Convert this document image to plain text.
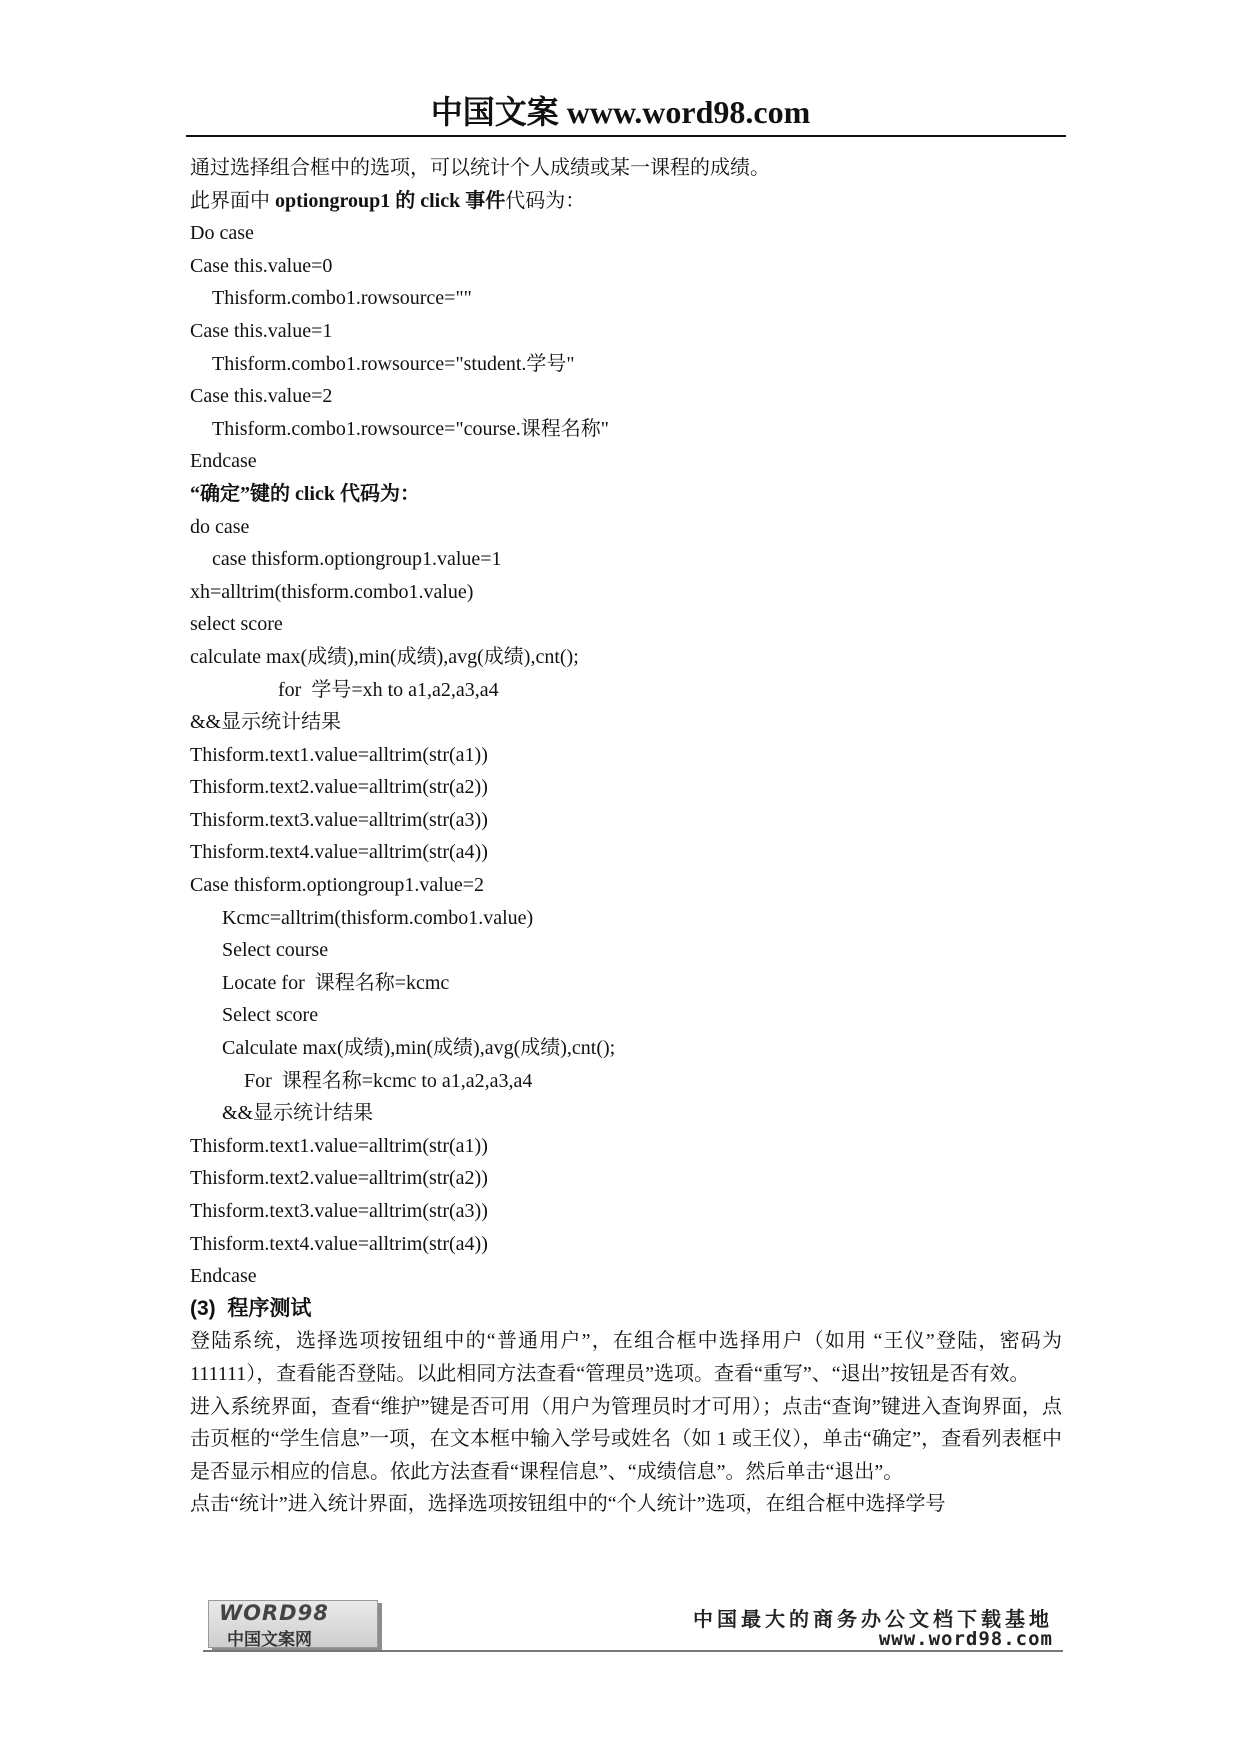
中国文案 www.word98.com
通过选择组合框中的选项，可以统计个人成绩或某一课程的成绩。
此界面中 optiongroup1 的 click 事件代码为：
Do case
Case this.value=0
Thisform.combo1.rowsource=""
Case this.value=1
Thisform.combo1.rowsource="student.学号"
Case this.value=2
Thisform.combo1.rowsource="course.课程名称"
Endcase
“确定”键的 click 代码为：
do case
case thisform.optiongroup1.value=1
xh=alltrim(thisform.combo1.value)
select score
calculate max(成绩),min(成绩),avg(成绩),cnt();
for  学号=xh to a1,a2,a3,a4
&&显示统计结果
Thisform.text1.value=alltrim(str(a1))
Thisform.text2.value=alltrim(str(a2))
Thisform.text3.value=alltrim(str(a3))
Thisform.text4.value=alltrim(str(a4))
Case thisform.optiongroup1.value=2
Kcmc=alltrim(thisform.combo1.value)
Select course
Locate for  课程名称=kcmc
Select score
Calculate max(成绩),min(成绩),avg(成绩),cnt();
For  课程名称=kcmc to a1,a2,a3,a4
&&显示统计结果
Thisform.text1.value=alltrim(str(a1))
Thisform.text2.value=alltrim(str(a2))
Thisform.text3.value=alltrim(str(a3))
Thisform.text4.value=alltrim(str(a4))
Endcase
(3)  程序测试
登陆系统，选择选项按钮组中的“普通用户”，在组合框中选择用户（如用 “王仪”登陆，密码为 111111），查看能否登陆。以此相同方法查看“管理员”选项。查看“重写”、“退出”按钮是否有效。
进入系统界面，查看“维护”键是否可用（用户为管理员时才可用）；点击“查询”键进入查询界面，点击页框的“学生信息”一项，在文本框中输入学号或姓名（如 1 或王仪），单击“确定”，查看列表框中是否显示相应的信息。依此方法查看“课程信息”、“成绩信息”。然后单击“退出”。
点击“统计”进入统计界面，选择选项按钮组中的“个人统计”选项，在组合框中选择学号
WORD98
中国文案网
中国最大的商务办公文档下载基地
www.word98.com
